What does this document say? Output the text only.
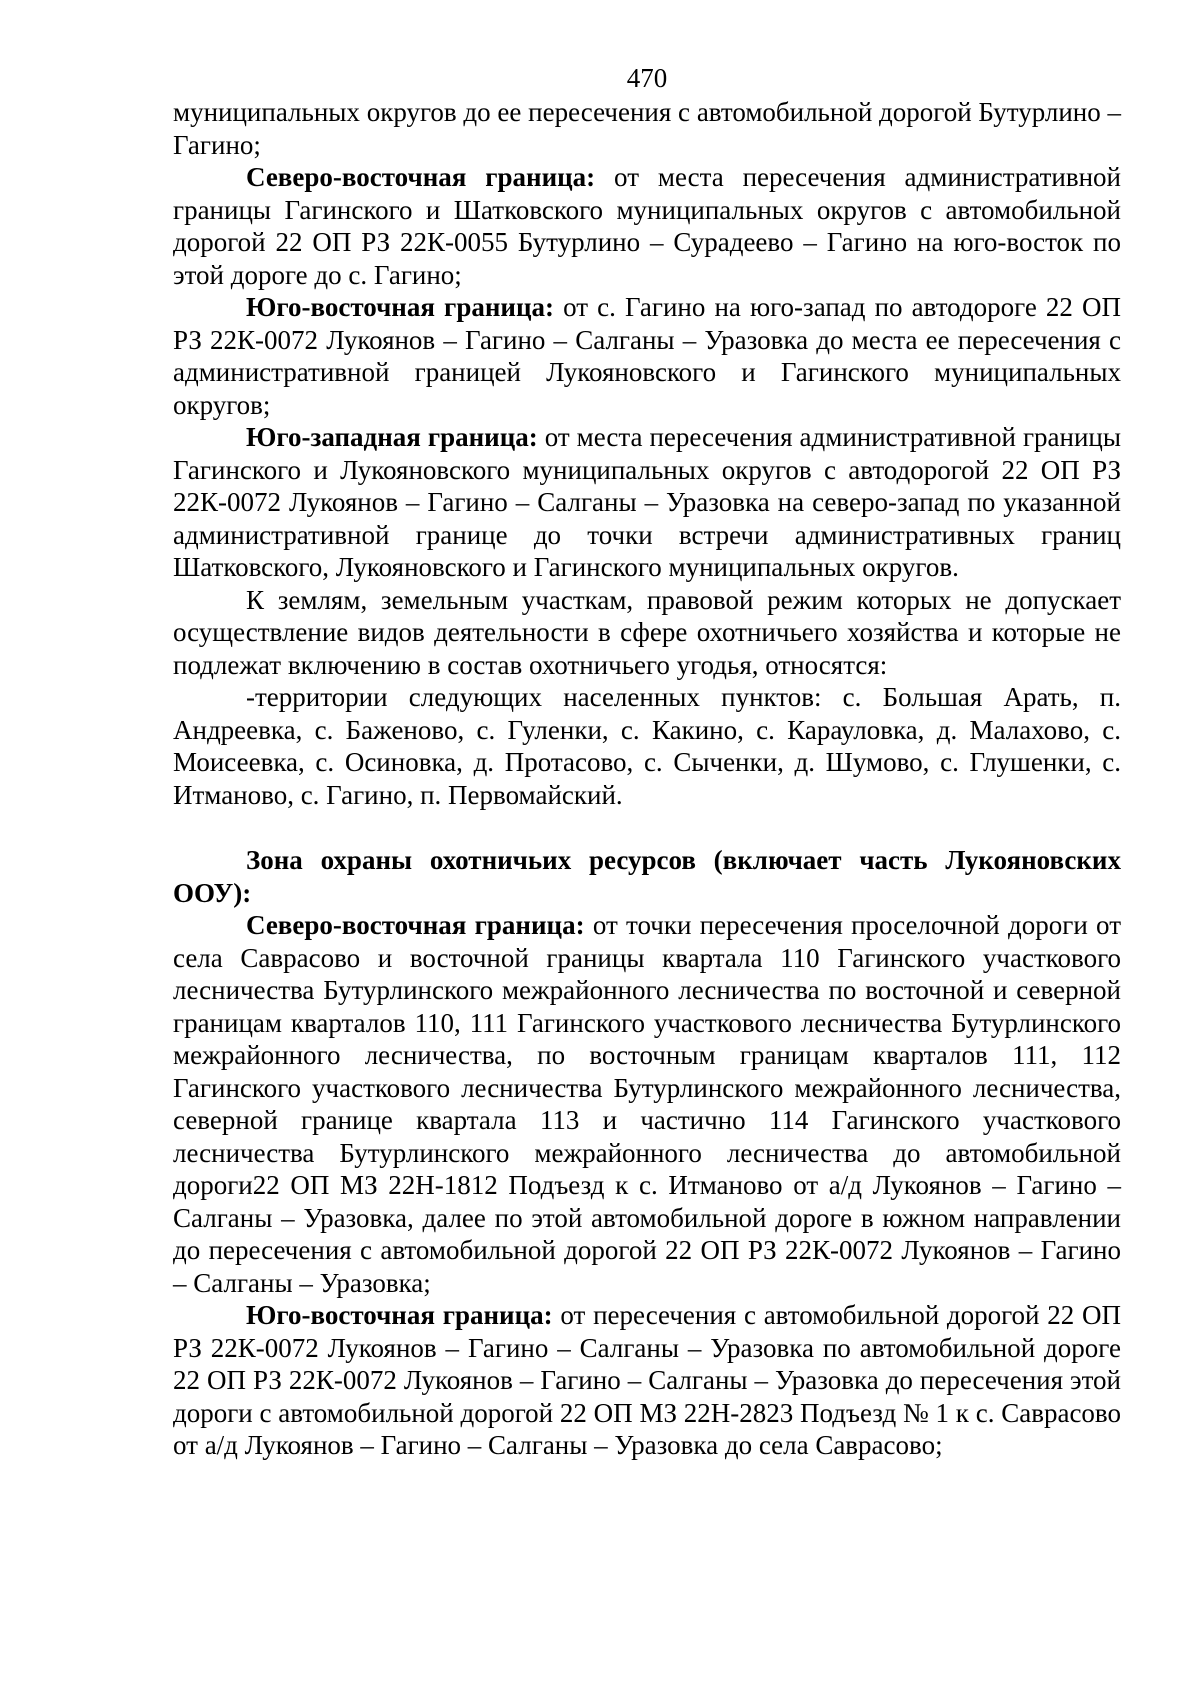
470

муниципальных округов до ее пересечения с автомобильной дорогой Бутурлино – Гагино;

Северо-восточная граница: от места пересечения административной границы Гагинского и Шатковского муниципальных округов с автомобильной дорогой 22 ОП РЗ 22К-0055 Бутурлино – Сурадеево – Гагино на юго-восток по этой дороге до с. Гагино;

Юго-восточная граница: от с. Гагино на юго-запад по автодороге 22 ОП РЗ 22К-0072 Лукоянов – Гагино – Салганы – Уразовка до места ее пересечения с административной границей Лукояновского и Гагинского муниципальных округов;

Юго-западная граница: от места пересечения административной границы Гагинского и Лукояновского муниципальных округов с автодорогой 22 ОП РЗ 22К-0072 Лукоянов – Гагино – Салганы – Уразовка на северо-запад по указанной административной границе до точки встречи административных границ Шатковского, Лукояновского и Гагинского муниципальных округов.

К землям, земельным участкам, правовой режим которых не допускает осуществление видов деятельности в сфере охотничьего хозяйства и которые не подлежат включению в состав охотничьего угодья, относятся:

-территории следующих населенных пунктов: с. Большая Арать, п. Андреевка, с. Баженово, с. Гуленки, с. Какино, с. Карауловка, д. Малахово, с. Моисеевка, с. Осиновка, д. Протасово, с. Сыченки, д. Шумово, с. Глушенки, с. Итманово, с. Гагино, п. Первомайский.

Зона охраны охотничьих ресурсов (включает часть Лукояновских ООУ):

Северо-восточная граница: от точки пересечения проселочной дороги от села Саврасово и восточной границы квартала 110 Гагинского участкового лесничества Бутурлинского межрайонного лесничества по восточной и северной границам кварталов 110, 111 Гагинского участкового лесничества Бутурлинского межрайонного лесничества, по восточным границам кварталов 111, 112 Гагинского участкового лесничества Бутурлинского межрайонного лесничества, северной границе квартала 113 и частично 114 Гагинского участкового лесничества Бутурлинского межрайонного лесничества до автомобильной дороги22 ОП МЗ 22Н-1812 Подъезд к с. Итманово от а/д Лукоянов – Гагино – Салганы – Уразовка, далее по этой автомобильной дороге в южном направлении до пересечения с автомобильной дорогой 22 ОП РЗ 22К-0072 Лукоянов – Гагино – Салганы – Уразовка;

Юго-восточная граница: от пересечения с автомобильной дорогой 22 ОП РЗ 22К-0072 Лукоянов – Гагино – Салганы – Уразовка по автомобильной дороге 22 ОП РЗ 22К-0072 Лукоянов – Гагино – Салганы – Уразовка до пересечения этой дороги с автомобильной дорогой 22 ОП МЗ 22Н-2823 Подъезд № 1 к с. Саврасово от а/д Лукоянов – Гагино – Салганы – Уразовка до села Саврасово;
